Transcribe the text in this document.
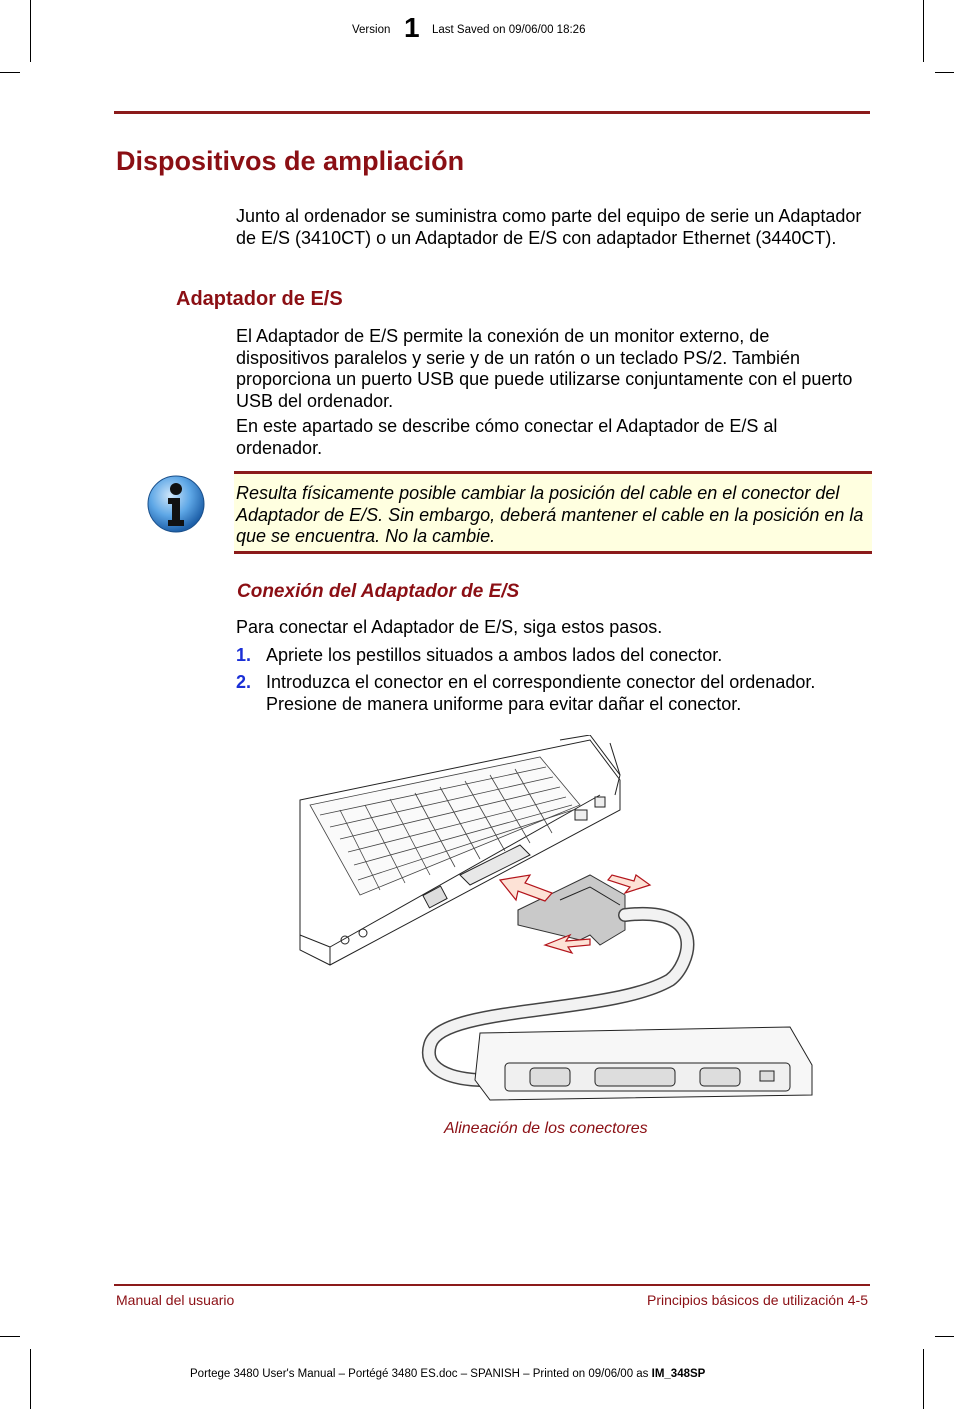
Version 1 Last Saved on 09/06/00 18:26
Dispositivos de ampliación

Junto al ordenador se suministra como parte del equipo de serie un Adaptador de E/S (3410CT) o un Adaptador de E/S con adaptador Ethernet (3440CT).

Adaptador de E/S

El Adaptador de E/S permite la conexión de un monitor externo, de dispositivos paralelos y serie y de un ratón o un teclado PS/2. También proporciona un puerto USB que puede utilizarse conjuntamente con el puerto USB del ordenador.

En este apartado se describe cómo conectar el Adaptador de E/S al ordenador.

Resulta físicamente posible cambiar la posición del cable en el conector del Adaptador de E/S. Sin embargo, deberá mantener el cable en la posición en la que se encuentra. No la cambie.

Conexión del Adaptador de E/S

Para conectar el Adaptador de E/S, siga estos pasos.

1. Apriete los pestillos situados a ambos lados del conector.
2. Introduzca el conector en el correspondiente conector del ordenador. Presione de manera uniforme para evitar dañar el conector.
Alineación de los conectores
Manual del usuario	Principios básicos de utilización 4-5
Portege 3480 User's Manual – Portégé 3480 ES.doc – SPANISH – Printed on 09/06/00 as IM_348SP
